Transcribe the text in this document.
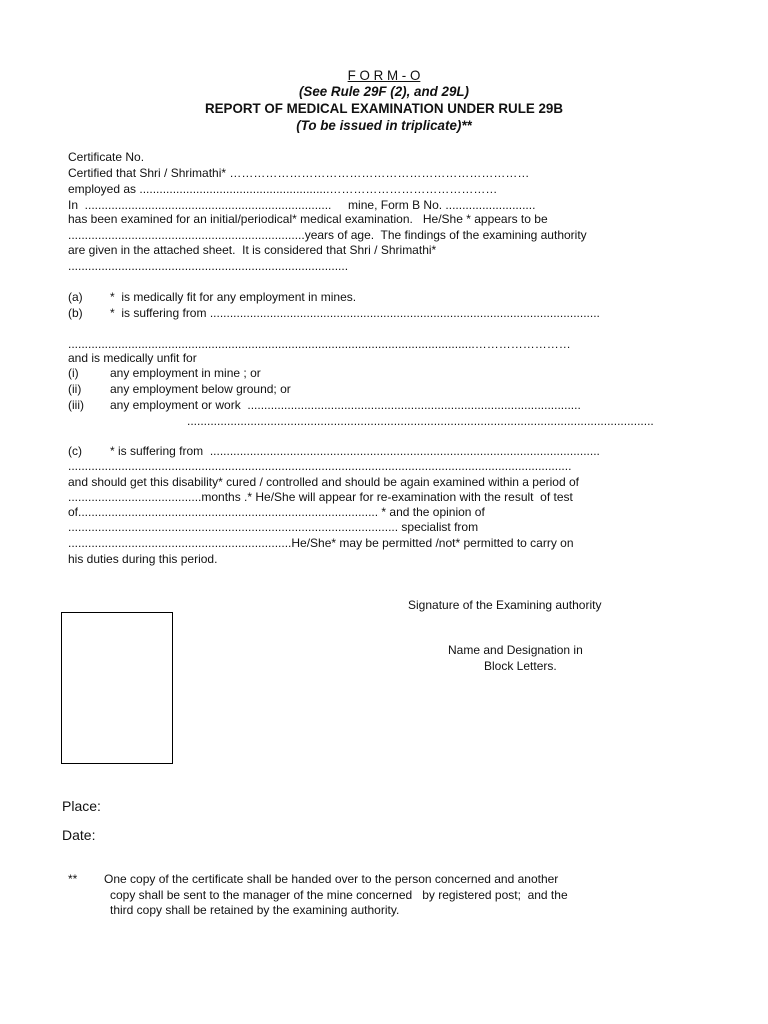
F O R M - O
(See Rule 29F (2), and 29L)
REPORT OF MEDICAL EXAMINATION UNDER RULE 29B
(To be issued in triplicate)**
Certificate No.
Certified that Shri / Shrimathi* …………………………………………………………………
employed as .........................................................……………………………………
In  ..........................................................................     mine, Form B No. ...........................
has been examined for an initial/periodical* medical examination.   He/She * appears to be
.......................................................................years of age.  The findings of the examining authority
are given in the attached sheet.  It is considered that Shri / Shrimathi*
....................................................................................
(a) *  is medically fit for any employment in mines.
(b) *  is suffering from .....................................................................................................................
..........................................................................................................................……………………
and is medically unfit for
(i)	any employment in mine ; or
(ii) any employment below ground; or
(iii) any employment or work  ....................................................................................................
............................................................................................................................................
(c) * is suffering from  .....................................................................................................................
.......................................................................................................................................................
and should get this disability* cured / controlled and should be again examined within a period of
........................................months .* He/She will appear for re-examination with the result  of test
of.......................................................................................... * and the opinion of
................................................................................................... specialist from
...................................................................He/She* may be permitted /not* permitted to carry on
his duties during this period.
Signature of the Examining authority
Name and Designation in
Block Letters.
Place:
Date:
** One copy of the certificate shall be handed over to the person concerned and another
copy shall be sent to the manager of the mine concerned   by registered post;  and the
third copy shall be retained by the examining authority.
